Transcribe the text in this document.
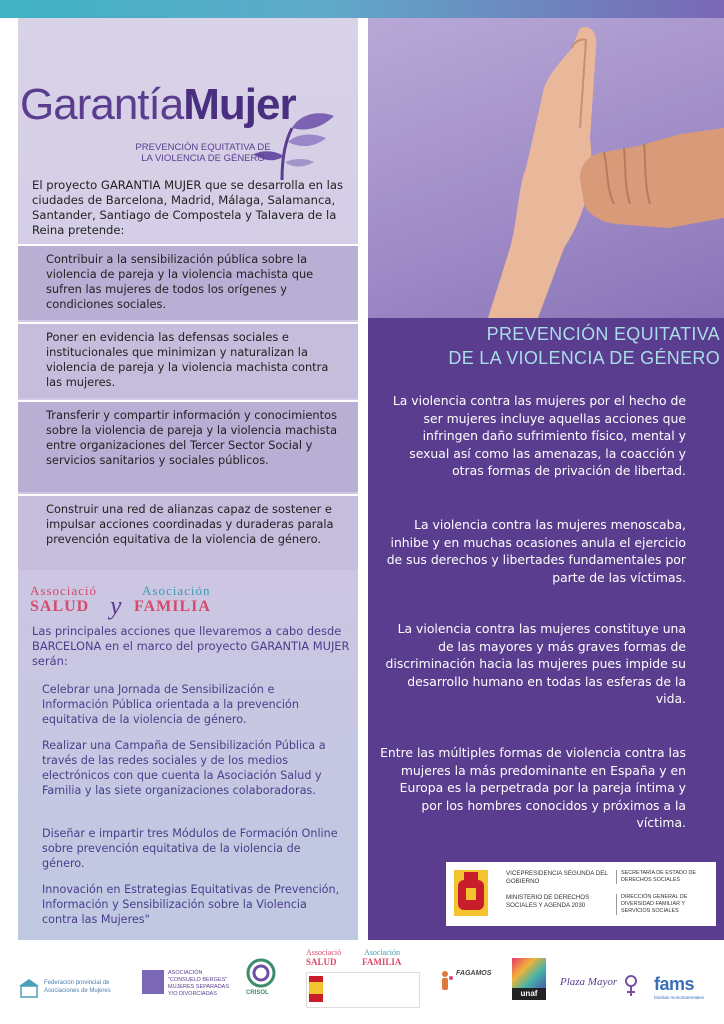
GarantíaMujer
PREVENCIÓN EQUITATIVA DE
LA VIOLENCIA DE GÉNERO

El proyecto GARANTIA MUJER que se desarrolla en las ciudades de Barcelona, Madrid, Málaga, Salamanca, Santander, Santiago de Compostela y Talavera de la Reina pretende:

Contribuir a la sensibilización pública sobre la violencia de pareja y la violencia machista que sufren las mujeres de todos los orígenes y condiciones sociales.

Poner en evidencia las defensas sociales e institucionales que minimizan y naturalizan la violencia de pareja y la violencia machista contra las mujeres.

Transferir y compartir información y conocimientos sobre la violencia de pareja y la violencia machista entre organizaciones del Tercer Sector Social y servicios sanitarios y sociales públicos.

Construir una red de alianzas capaz de sostener e impulsar acciones coordinadas y duraderas parala prevención equitativa de la violencia de género.

Associació	Asociación
SALUD y FAMILIA

Las principales acciones que llevaremos a cabo desde BARCELONA en el marco del proyecto GARANTIA MUJER serán:

Celebrar una Jornada de Sensibilización e Información Pública orientada a la prevención equitativa de la violencia de género.

Realizar una Campaña de Sensibilización Pública a través de las redes sociales y de los medios electrónicos con que cuenta la Asociación Salud y Familia y las siete organizaciones colaboradoras.

Diseñar e impartir tres Módulos de Formación Online sobre prevención equitativa de la violencia de género.

Innovación en Estrategias Equitativas de Prevención, Información y Sensibilización sobre la Violencia contra las Mujeres"

PREVENCIÓN EQUITATIVA
DE LA VIOLENCIA DE GÉNERO

La violencia contra las mujeres por el hecho de ser mujeres incluye aquellas acciones que infringen daño sufrimiento físico, mental y sexual así como las amenazas, la coacción y otras formas de privación de libertad.

La violencia contra las mujeres menoscaba, inhibe y en muchas ocasiones anula el ejercicio de sus derechos y libertades fundamentales por parte de las víctimas.

La violencia contra las mujeres constituye una de las mayores y más graves formas de discriminación hacia las mujeres pues impide su desarrollo humano en todas las esferas de la vida.

Entre las múltiples formas de violencia contra las mujeres la más predominante en España y en Europa es la perpetrada por la pareja íntima y por los hombres conocidos y próximos a la víctima.

VICEPRESIDENCIA SEGUNDA DEL GOBIERNO
MINISTERIO DE DERECHOS SOCIALES Y AGENDA 2030
SECRETARÍA DE ESTADO DE DERECHOS SOCIALES
DIRECCIÓN GENERAL DE DIVERSIDAD FAMILIAR Y SERVICIOS SOCIALES
Federación provincial de
Asociaciones de Mujeres
ASOCIACIÓN
"CONSUELO BERGES"
MUJERES SEPARADAS
Y/O DIVORCIADAS	CRISOL
Associació	Asociación
SALUD	FAMILIA
FAGAMOS
unaf
Plaza Mayor fams
familias monomarentales
